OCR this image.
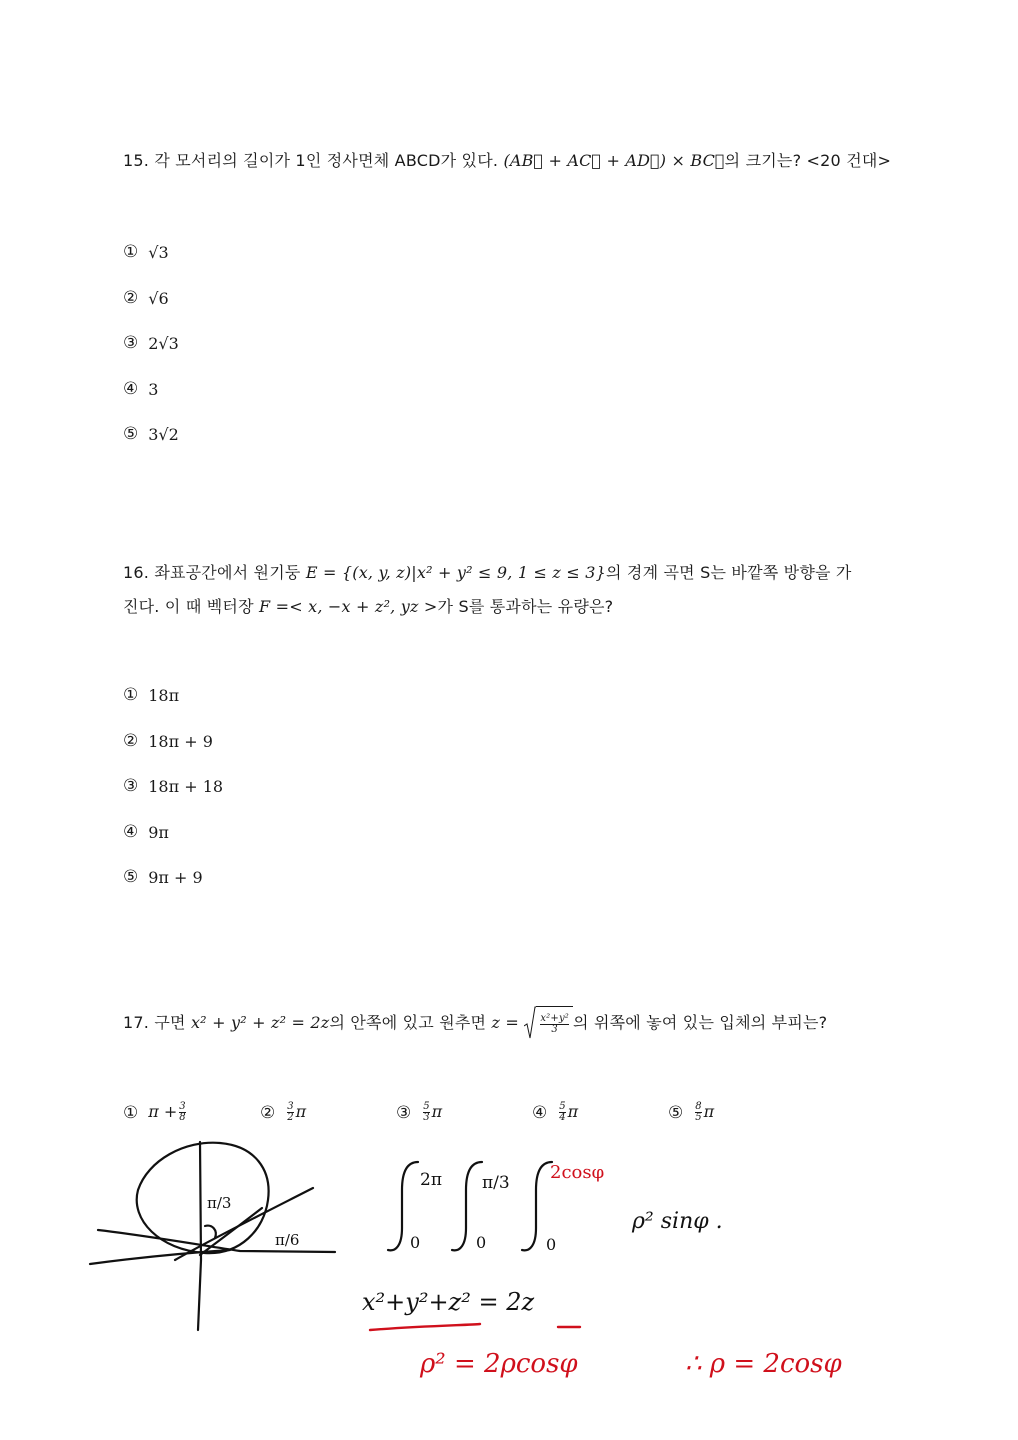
15. 각 모서리의 길이가 1인 정사면체 ABCD가 있다. (AB⃗ + AC⃗ + AD⃗) × BC⃗의 크기는? <20 건대>
① √3
② √6
③ 2√3
④ 3
⑤ 3√2
16. 좌표공간에서 원기둥 E = {(x, y, z)|x² + y² ≤ 9, 1 ≤ z ≤ 3}의 경계 곡면 S는 바깥쪽 방향을 가
진다. 이 때 벡터장 F =< x, −x + z², yz >가 S를 통과하는 유량은?
① 18π
② 18π + 9
③ 18π + 18
④ 9π
⑤ 9π + 9
17. 구면
x² + y² + z² = 2z 의 안쪽에 있고 원추면
z =
$\frac{\text{x²+y²}}{3}$ 의 위쪽에 놓여 있는 입체의 부피는?
① $\pi + \frac{3}{8}$	② $\frac{3}{2}$ π	③ $\frac{5}{3}$ π	④ $\frac{5}{4}$ π	⑤ $\frac{8}{5}$ π
π/3
π/6
2π π/3 2cosφ
0	0	0
ρ² sinφ .
x²+y²+z² = 2z
ρ² = 2ρcosφ	∴ ρ = 2cosφ
